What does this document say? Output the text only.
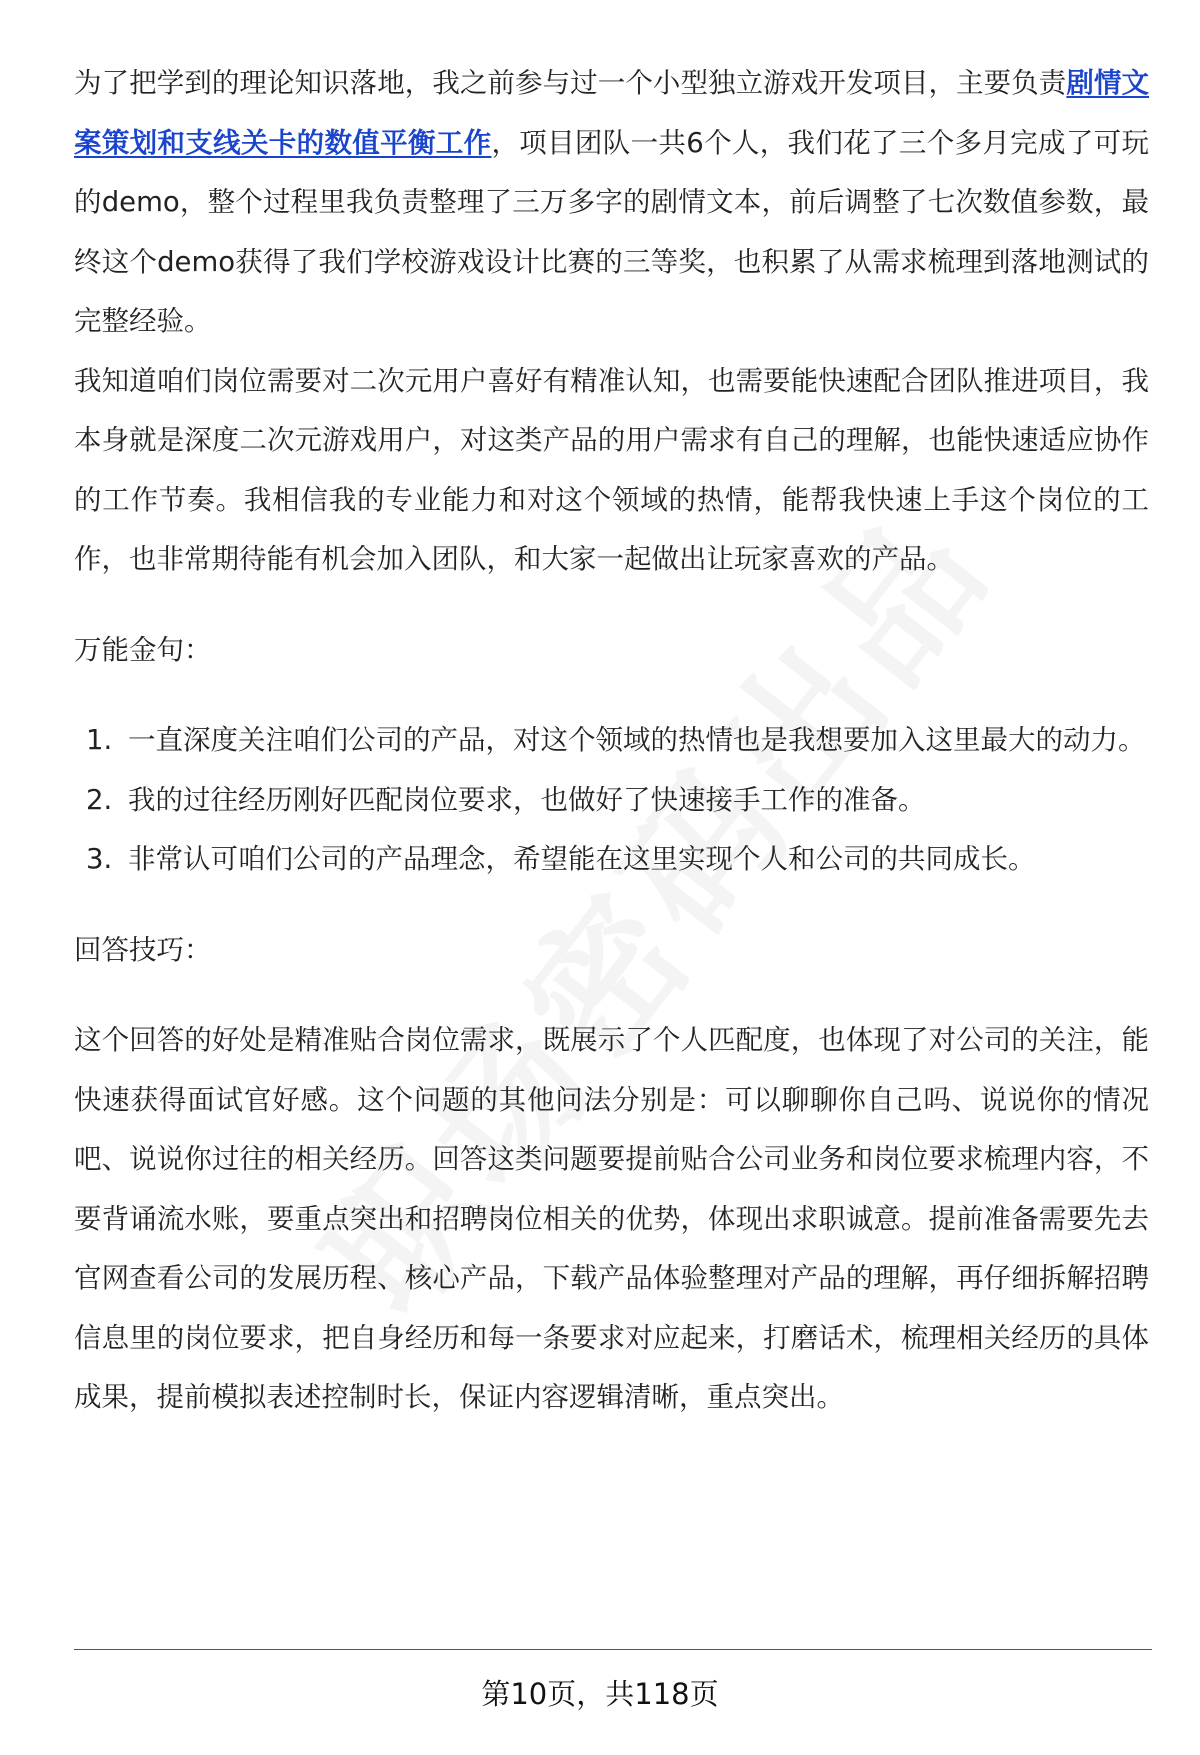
为了把学到的理论知识落地，我之前参与过一个小型独立游戏开发项目，主要负责剧情文案策划和支线关卡的数值平衡工作，项目团队一共6个人，我们花了三个多月完成了可玩的demo，整个过程里我负责整理了三万多字的剧情文本，前后调整了七次数值参数，最终这个demo获得了我们学校游戏设计比赛的三等奖，也积累了从需求梳理到落地测试的完整经验。

我知道咱们岗位需要对二次元用户喜好有精准认知，也需要能快速配合团队推进项目，我本身就是深度二次元游戏用户，对这类产品的用户需求有自己的理解，也能快速适应协作的工作节奏。我相信我的专业能力和对这个领域的热情，能帮我快速上手这个岗位的工作，也非常期待能有机会加入团队，和大家一起做出让玩家喜欢的产品。

万能金句：

1. 一直深度关注咱们公司的产品，对这个领域的热情也是我想要加入这里最大的动力。
2. 我的过往经历刚好匹配岗位要求，也做好了快速接手工作的准备。
3. 非常认可咱们公司的产品理念，希望能在这里实现个人和公司的共同成长。

回答技巧：

这个回答的好处是精准贴合岗位需求，既展示了个人匹配度，也体现了对公司的关注，能快速获得面试官好感。这个问题的其他问法分别是：可以聊聊你自己吗、说说你的情况吧、说说你过往的相关经历。回答这类问题要提前贴合公司业务和岗位要求梳理内容，不要背诵流水账，要重点突出和招聘岗位相关的优势，体现出求职诚意。提前准备需要先去官网查看公司的发展历程、核心产品，下载产品体验整理对产品的理解，再仔细拆解招聘信息里的岗位要求，把自身经历和每一条要求对应起来，打磨话术，梳理相关经历的具体成果，提前模拟表述控制时长，保证内容逻辑清晰，重点突出。

第10页，共118页
